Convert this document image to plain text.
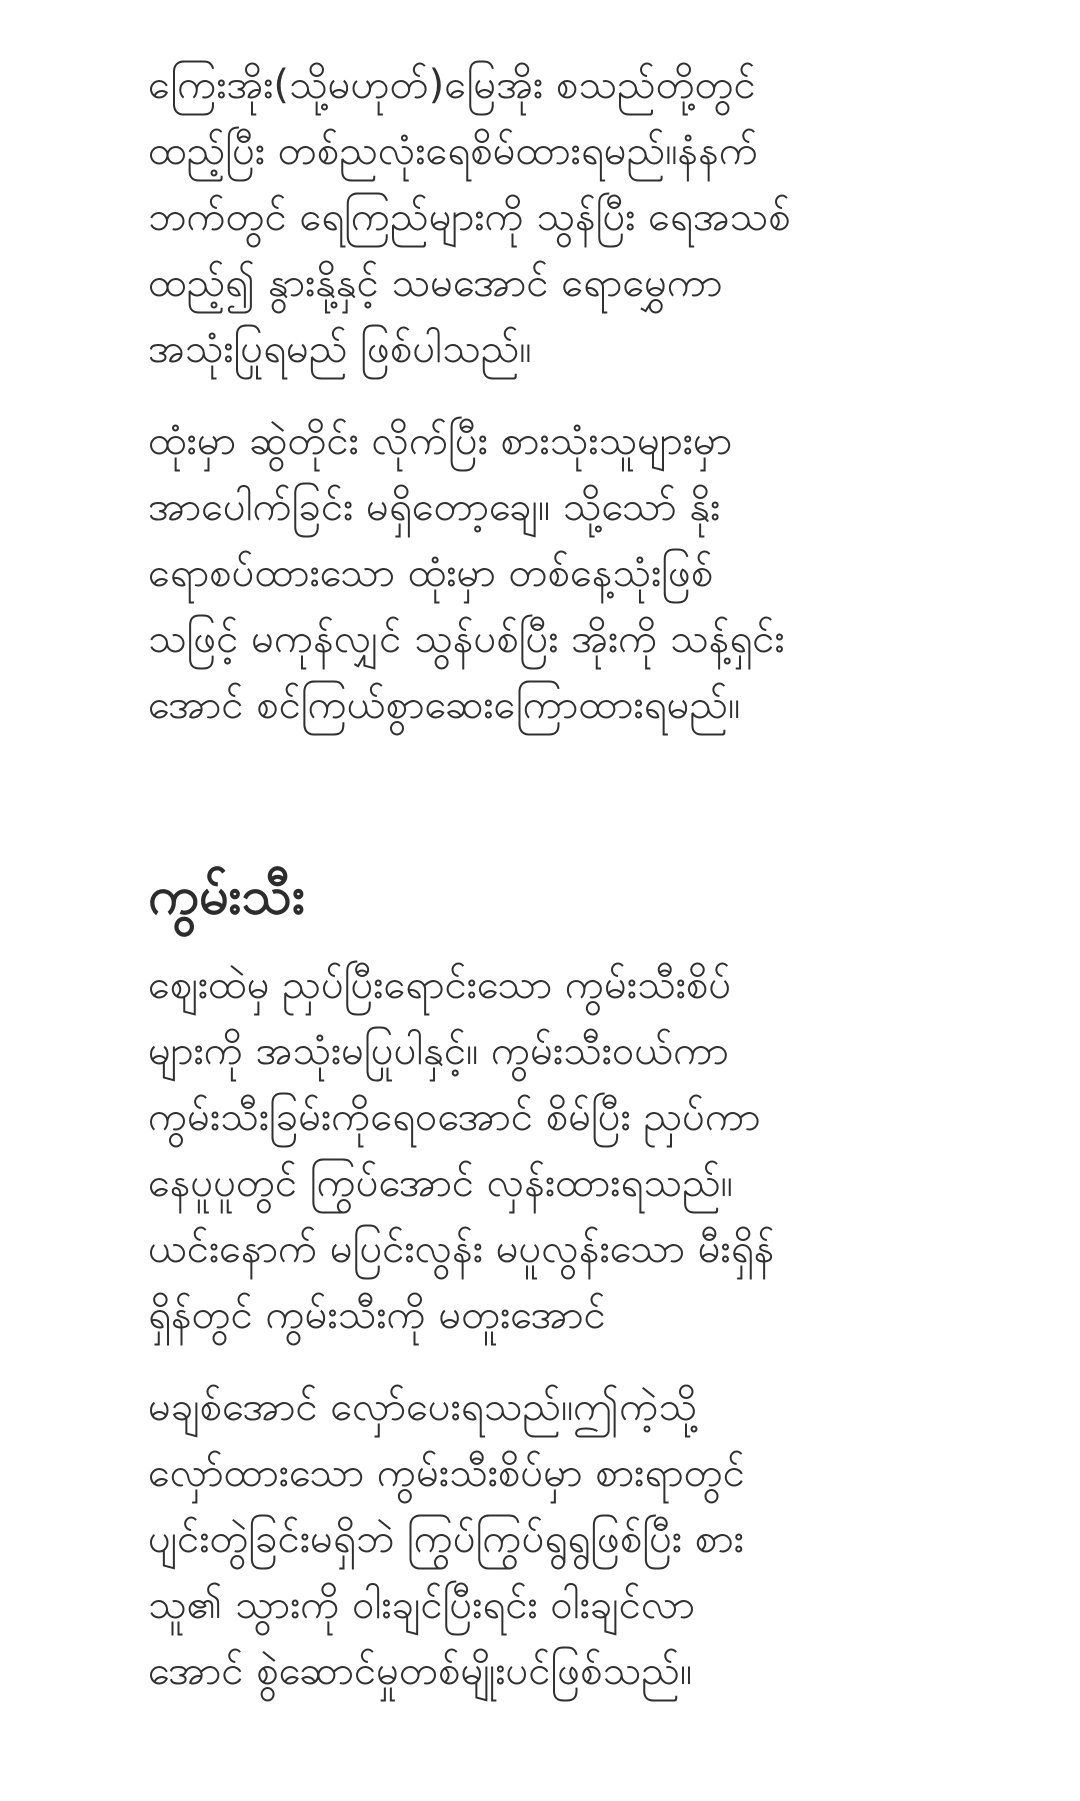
ကြေးအိုး(သို့မဟုတ်)မြေအိုး စသည်တို့တွင်
ထည့်ပြီး တစ်ညလုံးရေစိမ်ထားရမည်။နံနက်
ဘက်တွင် ရေကြည်များကို သွန်ပြီး ရေအသစ်
ထည့်၍ နွားနို့နှင့် သမအောင် ရောမွှေကာ
အသုံးပြုရမည် ဖြစ်ပါသည်။

ထုံးမှာ ဆွဲတိုင်း လိုက်ပြီး စားသုံးသူများမှာ
အာပေါက်ခြင်း မရှိတော့ချေ။ သို့သော် နိုး
ရောစပ်ထားသော ထုံးမှာ တစ်နေ့သုံးဖြစ်
သဖြင့် မကုန်လျှင် သွန်ပစ်ပြီး အိုးကို သန့်ရှင်း
အောင် စင်ကြယ်စွာဆေးကြောထားရမည်။

ကွမ်းသီး

ဈေးထဲမှ ညှပ်ပြီးရောင်းသော ကွမ်းသီးစိပ်
များကို အသုံးမပြုပါနှင့်။ ကွမ်းသီးဝယ်ကာ
ကွမ်းသီးခြမ်းကိုရေဝအောင် စိမ်ပြီး ညှပ်ကာ
နေပူပူတွင် ကြွပ်အောင် လှန်းထားရသည်။
ယင်းနောက် မပြင်းလွန်း မပူလွန်းသော မီးရှိန်
ရှိန်တွင် ကွမ်းသီးကို မတူးအောင်

မချစ်အောင် လှော်ပေးရသည်။ဤကဲ့သို့
လှော်ထားသော ကွမ်းသီးစိပ်မှာ စားရာတွင်
ပျင်းတွဲခြင်းမရှိဘဲ ကြွပ်ကြွပ်ရွရွဖြစ်ပြီး စား
သူ၏ သွားကို ဝါးချင်ပြီးရင်း ဝါးချင်လာ
အောင် စွဲဆောင်မှုတစ်မျိုးပင်ဖြစ်သည်။
